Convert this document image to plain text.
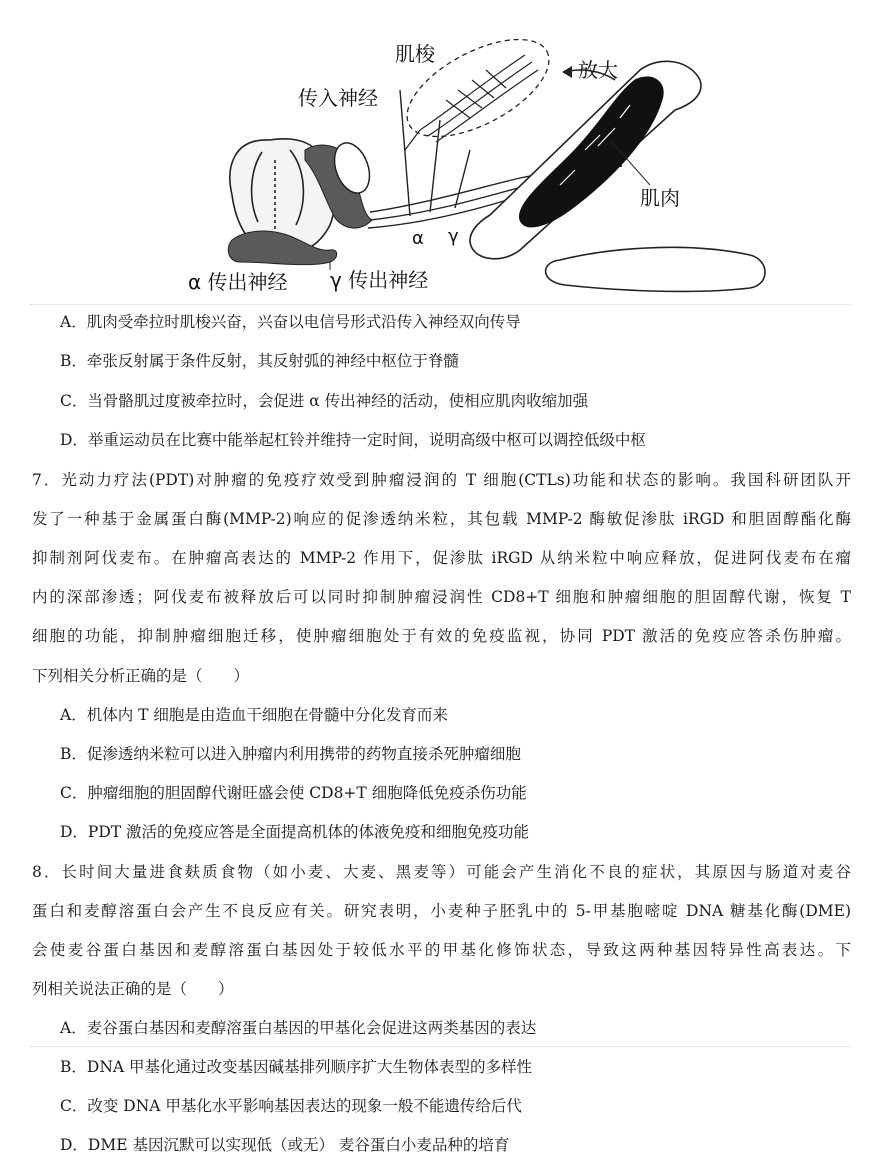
肌梭
传入神经
放大
肌肉
α γ
α 传出神经 γ 传出神经
A．肌肉受牵拉时肌梭兴奋，兴奋以电信号形式沿传入神经双向传导
B．牵张反射属于条件反射，其反射弧的神经中枢位于脊髓
C．当骨骼肌过度被牵拉时，会促进 α 传出神经的活动，使相应肌肉收缩加强
D．举重运动员在比赛中能举起杠铃并维持一定时间，说明高级中枢可以调控低级中枢
7．光动力疗法(PDT)对肿瘤的免疫疗效受到肿瘤浸润的 T 细胞(CTLs)功能和状态的影响。我国科研团队开
发了一种基于金属蛋白酶(MMP-2)响应的促渗透纳米粒，其包载 MMP-2 酶敏促渗肽 iRGD 和胆固醇酯化酶
抑制剂阿伐麦布。在肿瘤高表达的 MMP-2 作用下，促渗肽 iRGD 从纳米粒中响应释放，促进阿伐麦布在瘤
内的深部渗透；阿伐麦布被释放后可以同时抑制肿瘤浸润性 CD8+T 细胞和肿瘤细胞的胆固醇代谢，恢复 T
细胞的功能，抑制肿瘤细胞迁移，使肿瘤细胞处于有效的免疫监视，协同 PDT 激活的免疫应答杀伤肿瘤。
下列相关分析正确的是（　　）
A．机体内 T 细胞是由造血干细胞在骨髓中分化发育而来
B．促渗透纳米粒可以进入肿瘤内利用携带的药物直接杀死肿瘤细胞
C．肿瘤细胞的胆固醇代谢旺盛会使 CD8+T 细胞降低免疫杀伤功能
D．PDT 激活的免疫应答是全面提高机体的体液免疫和细胞免疫功能
8．长时间大量进食麸质食物（如小麦、大麦、黑麦等）可能会产生消化不良的症状，其原因与肠道对麦谷
蛋白和麦醇溶蛋白会产生不良反应有关。研究表明，小麦种子胚乳中的 5-甲基胞嘧啶 DNA 糖基化酶(DME)
会使麦谷蛋白基因和麦醇溶蛋白基因处于较低水平的甲基化修饰状态，导致这两种基因特异性高表达。下
列相关说法正确的是（　　）
A．麦谷蛋白基因和麦醇溶蛋白基因的甲基化会促进这两类基因的表达
B．DNA 甲基化通过改变基因碱基排列顺序扩大生物体表型的多样性
C．改变 DNA 甲基化水平影响基因表达的现象一般不能遗传给后代
D．DME 基因沉默可以实现低（或无） 麦谷蛋白小麦品种的培育
